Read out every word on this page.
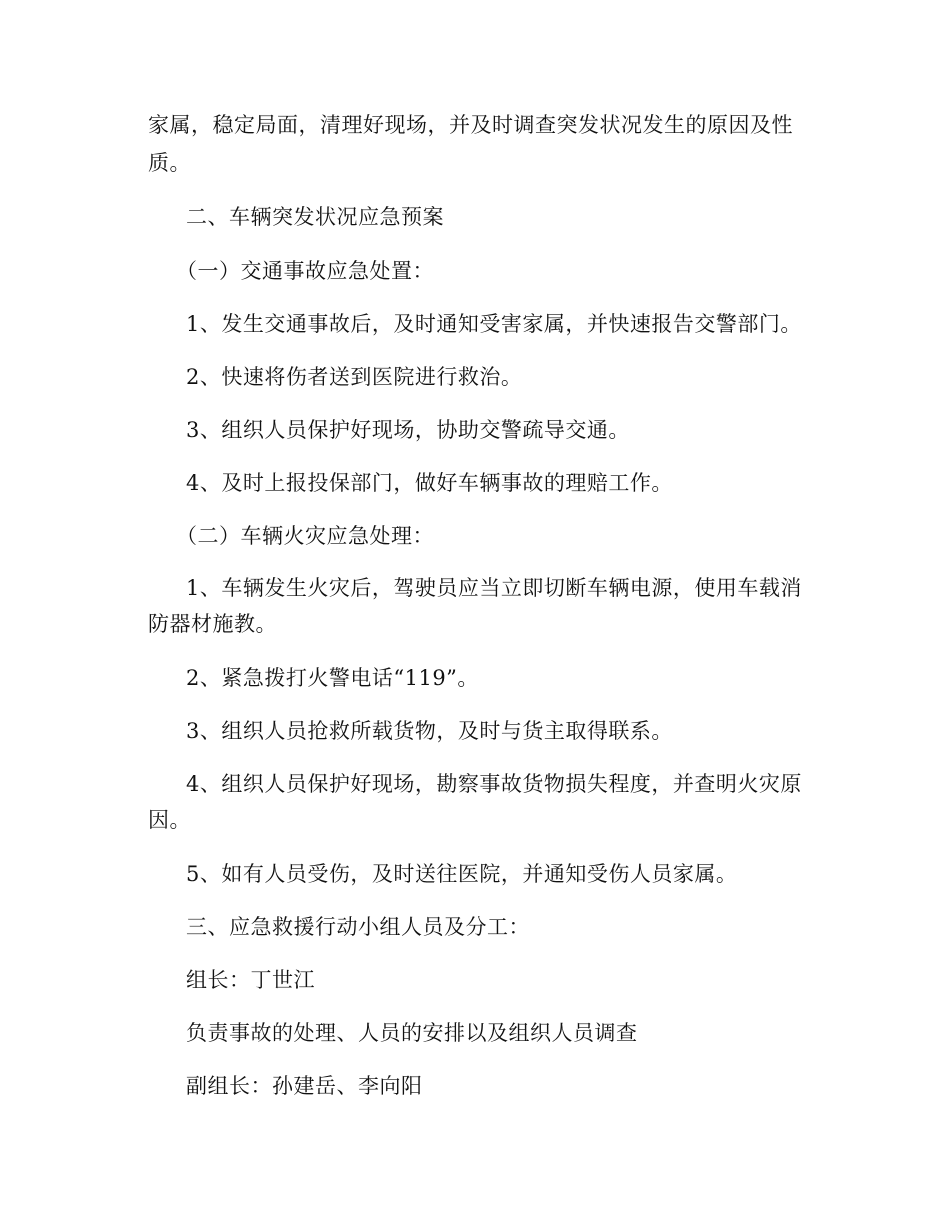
家属，稳定局面，清理好现场，并及时调查突发状况发生的原因及性
质。
二、车辆突发状况应急预案
（一）交通事故应急处置：
1、发生交通事故后，及时通知受害家属，并快速报告交警部门。
2、快速将伤者送到医院进行救治。
3、组织人员保护好现场，协助交警疏导交通。
4、及时上报投保部门，做好车辆事故的理赔工作。
（二）车辆火灾应急处理：
1、车辆发生火灾后，驾驶员应当立即切断车辆电源，使用车载消
防器材施教。
2、紧急拨打火警电话“119”。
3、组织人员抢救所载货物，及时与货主取得联系。
4、组织人员保护好现场，勘察事故货物损失程度，并查明火灾原
因。
5、如有人员受伤，及时送往医院，并通知受伤人员家属。
三、应急救援行动小组人员及分工：
组长：丁世江
负责事故的处理、人员的安排以及组织人员调查
副组长：孙建岳、李向阳
